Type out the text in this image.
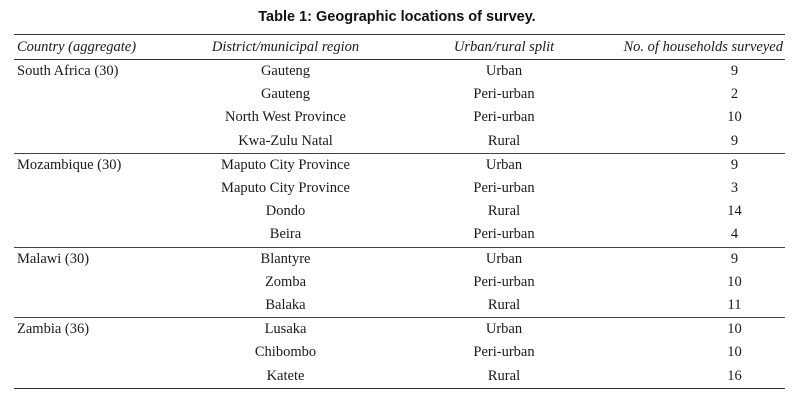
Table 1: Geographic locations of survey.
Country (aggregate)	District/municipal region	Urban/rural split	No. of households surveyed
South Africa (30)	Gauteng	Urban	9
	Gauteng	Peri-urban	2
	North West Province	Peri-urban	10
	Kwa-Zulu Natal	Rural	9
Mozambique (30)	Maputo City Province	Urban	9
	Maputo City Province	Peri-urban	3
	Dondo	Rural	14
	Beira	Peri-urban	4
Malawi (30)	Blantyre	Urban	9
	Zomba	Peri-urban	10
	Balaka	Rural	11
Zambia (36)	Lusaka	Urban	10
	Chibombo	Peri-urban	10
	Katete	Rural	16
